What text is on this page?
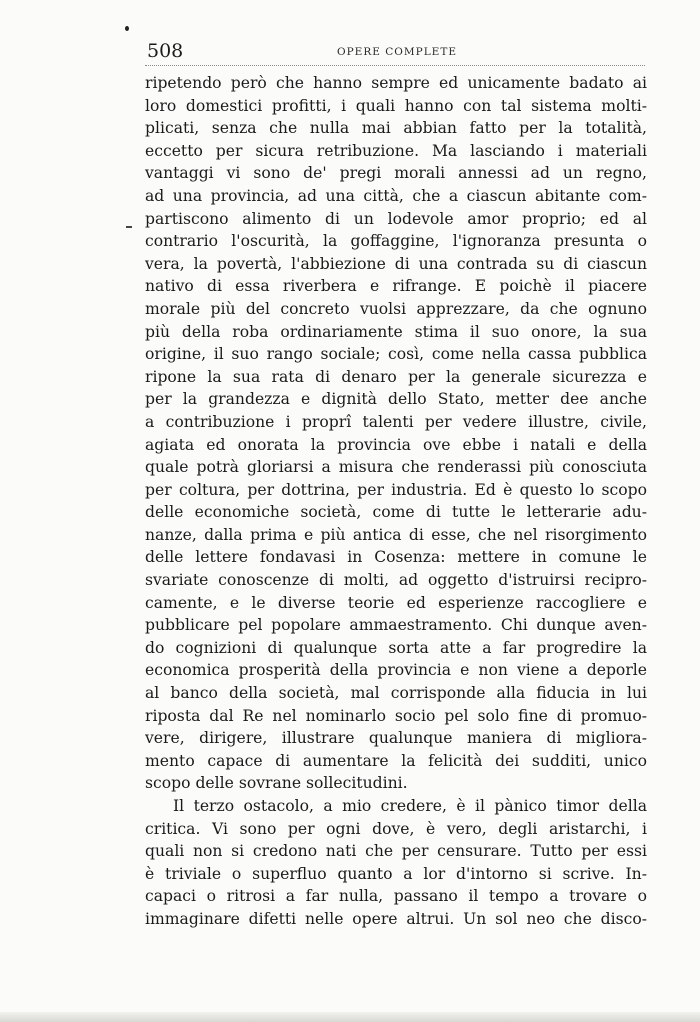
508	OPERE COMPLETE
ripetendo però che hanno sempre ed unicamente badato ai
loro domestici profitti, i quali hanno con tal sistema molti-
plicati, senza che nulla mai abbian fatto per la totalità,
eccetto per sicura retribuzione. Ma lasciando i materiali
vantaggi vi sono de' pregi morali annessi ad un regno,
ad una provincia, ad una città, che a ciascun abitante com-
partiscono alimento di un lodevole amor proprio; ed al
contrario l'oscurità, la goffaggine, l'ignoranza presunta o
vera, la povertà, l'abbiezione di una contrada su di ciascun
nativo di essa riverbera e rifrange. E poichè il piacere
morale più del concreto vuolsi apprezzare, da che ognuno
più della roba ordinariamente stima il suo onore, la sua
origine, il suo rango sociale; così, come nella cassa pubblica
ripone la sua rata di denaro per la generale sicurezza e
per la grandezza e dignità dello Stato, metter dee anche
a contribuzione i proprî talenti per vedere illustre, civile,
agiata ed onorata la provincia ove ebbe i natali e della
quale potrà gloriarsi a misura che renderassi più conosciuta
per coltura, per dottrina, per industria. Ed è questo lo scopo
delle economiche società, come di tutte le letterarie adu-
nanze, dalla prima e più antica di esse, che nel risorgimento
delle lettere fondavasi in Cosenza: mettere in comune le
svariate conoscenze di molti, ad oggetto d'istruirsi recipro-
camente, e le diverse teorie ed esperienze raccogliere e
pubblicare pel popolare ammaestramento. Chi dunque aven-
do cognizioni di qualunque sorta atte a far progredire la
economica prosperità della provincia e non viene a deporle
al banco della società, mal corrisponde alla fiducia in lui
riposta dal Re nel nominarlo socio pel solo fine di promuo-
vere, dirigere, illustrare qualunque maniera di migliora-
mento capace di aumentare la felicità dei sudditi, unico
scopo delle sovrane sollecitudini.
Il terzo ostacolo, a mio credere, è il pànico timor della
critica. Vi sono per ogni dove, è vero, degli aristarchi, i
quali non si credono nati che per censurare. Tutto per essi
è triviale o superfluo quanto a lor d'intorno si scrive. In-
capaci o ritrosi a far nulla, passano il tempo a trovare o
immaginare difetti nelle opere altrui. Un sol neo che disco-
